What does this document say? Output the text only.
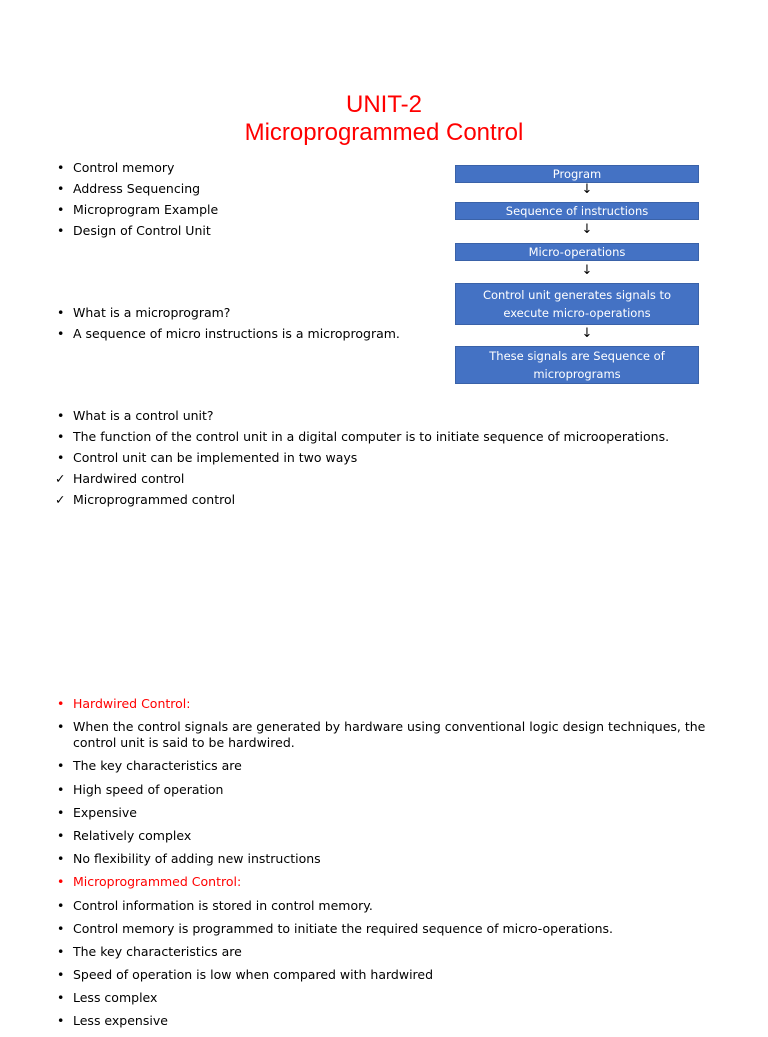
UNIT-2
Microprogrammed Control
• Control memory
• Address Sequencing
• Microprogram Example
• Design of Control Unit
• What is a microprogram?
• A sequence of micro instructions is a microprogram.
• What is a control unit?
• The function of the control unit in a digital computer is to initiate sequence of microoperations.
• Control unit can be implemented in two ways
✓ Hardwired control
✓ Microprogrammed control
Program
↓
Sequence of instructions
↓
Micro-operations
↓
Control unit generates signals to execute micro-operations
↓
These signals are Sequence of microprograms
• Hardwired Control:
• When the control signals are generated by hardware using conventional logic design techniques, the control unit is said to be hardwired.
• The key characteristics are
• High speed of operation
• Expensive
• Relatively complex
• No flexibility of adding new instructions
• Microprogrammed Control:
• Control information is stored in control memory.
• Control memory is programmed to initiate the required sequence of micro-operations.
• The key characteristics are
• Speed of operation is low when compared with hardwired
• Less complex
• Less expensive
